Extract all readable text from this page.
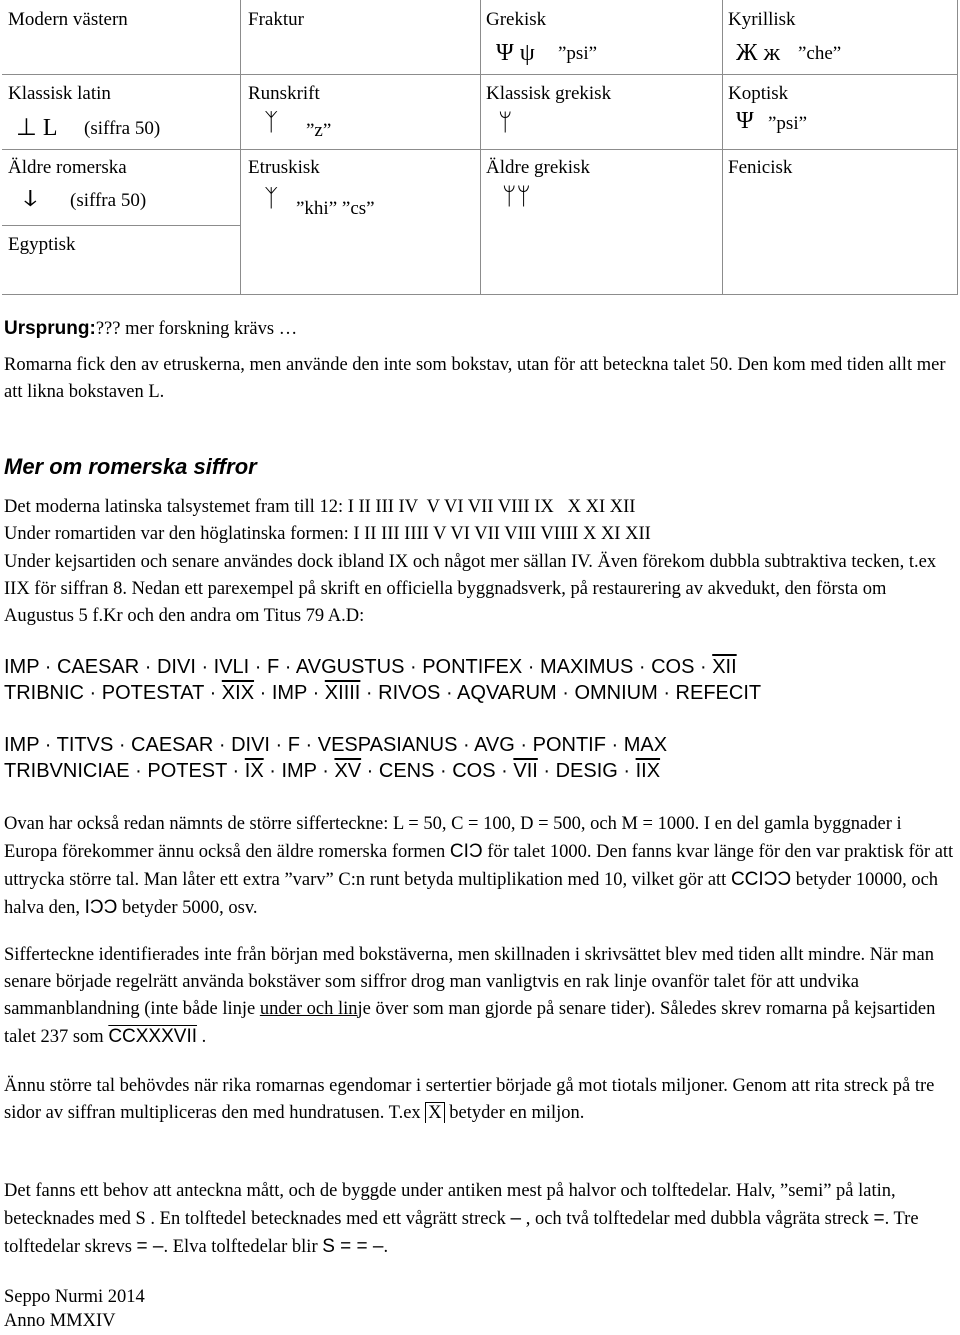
Modern västern	Fraktur	Grekisk
Ψ ψ ”psi”
Kyrillisk
Ж ж ”che”
Klassisk latin
⊥ L (siffra 50)
Runskrift
ᛉ ”z”
Klassisk grekisk
ᛘ
Koptisk
Ψ ”psi”
Äldre romerska
ↆ (siffra 50)
Etruskisk
ᛉ ”khi” ”cs”
Äldre grekisk
ᛘᛘ
Fenicisk
Egyptisk
Ursprung:??? mer forskning krävs …
Romarna fick den av etruskerna, men använde den inte som bokstav, utan för att beteckna talet 50. Den kom med tiden allt mer att likna bokstaven L.
Mer om romerska siffror
Det moderna latinska talsystemet fram till 12: I II III IV  V VI VII VIII IX   X XI XII
Under romartiden var den höglatinska formen: I II III IIII V VI VII VIII VIIII X XI XII
Under kejsartiden och senare användes dock ibland IX och något mer sällan IV. Även förekom dubbla subtraktiva tecken, t.ex IIX för siffran 8. Nedan ett parexempel på skrift en officiella byggnadsverk, på restaurering av akvedukt, den första om Augustus 5 f.Kr och den andra om Titus 79 A.D:
IMP · CAESAR · DIVI · IVLI · F · AVGUSTUS · PONTIFEX · MAXIMUS · COS · $\overline{XII}$
TRIBNIC · POTESTAT · $\overline{XIX}$ · IMP · XIIII · RIVOS · AQVARUM · OMNIUM · REFECIT
IMP · TITVS · CAESAR · DIVI · F · VESPASIANUS · AVG · PONTIF · MAX
TRIBVNICIAE · POTEST · $\overline{IX}$ · IMP · $\overline{XV}$ · CENS · COS · $\overline{VII}$ · DESIG · $\overline{IIX}$
Ovan har också redan nämnts de större sifferteckne: L = 50, C = 100, D = 500, och M = 1000. I en del gamla byggnader i Europa förekommer ännu också den äldre romerska formen CIƆ för talet 1000. Den fanns kvar länge för den var praktisk för att uttrycka större tal. Man låter ett extra ”varv” C:n runt betyda multiplikation med 10, vilket gör att CCIƆƆ betyder 10000, och halva den, IƆƆ betyder 5000, osv.
Sifferteckne identifierades inte från början med bokstäverna, men skillnaden i skrivsättet blev med tiden allt mindre. När man senare började regelrätt använda bokstäver som siffror drog man vanligtvis en rak linje ovanför talet för att undvika sammanblandning (inte både linje under och linje över som man gjorde på senare tider). Således skrev romarna på kejsartiden talet 237 som CCXXXVII .
Ännu större tal behövdes när rika romarnas egendomar i sertertier började gå mot tiotals miljoner. Genom att rita streck på tre sidor av siffran multipliceras den med hundratusen. T.ex X betyder en miljon.
Det fanns ett behov att anteckna mått, och de byggde under antiken mest på halvor och tolftedelar. Halv, ”semi” på latin, betecknades med S . En tolftedel betecknades med ett vågrätt streck – , och två tolftedelar med dubbla vågräta streck =. Tre tolftedelar skrevs = –. Elva tolftedelar blir S = = –.
Seppo Nurmi 2014
Anno MMXIV
